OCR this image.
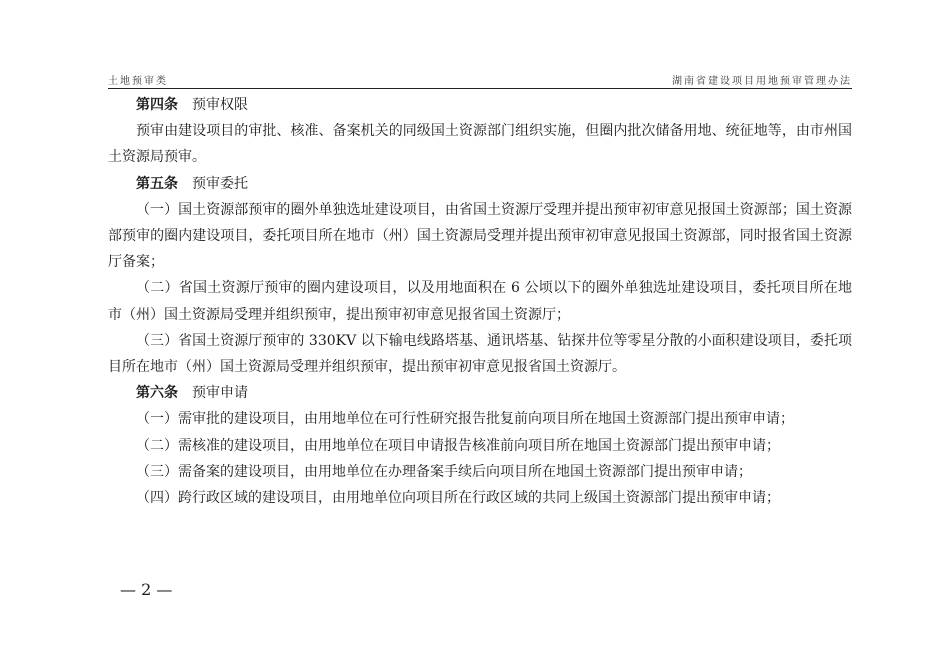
土地预审类	湖南省建设项目用地预审管理办法

第四条 预审权限

预审由建设项目的审批、核准、备案机关的同级国土资源部门组织实施，但圈内批次储备用地、统征地等，由市州国土资源局预审。

第五条 预审委托

（一）国土资源部预审的圈外单独选址建设项目，由省国土资源厅受理并提出预审初审意见报国土资源部；国土资源部预审的圈内建设项目，委托项目所在地市（州）国土资源局受理并提出预审初审意见报国土资源部，同时报省国土资源厅备案；

（二）省国土资源厅预审的圈内建设项目，以及用地面积在 6 公顷以下的圈外单独选址建设项目，委托项目所在地市（州）国土资源局受理并组织预审，提出预审初审意见报省国土资源厅；

（三）省国土资源厅预审的 330KV 以下输电线路塔基、通讯塔基、钻探井位等零星分散的小面积建设项目，委托项目所在地市（州）国土资源局受理并组织预审，提出预审初审意见报省国土资源厅。

第六条 预审申请

（一）需审批的建设项目，由用地单位在可行性研究报告批复前向项目所在地国土资源部门提出预审申请；

（二）需核准的建设项目，由用地单位在项目申请报告核准前向项目所在地国土资源部门提出预审申请；

（三）需备案的建设项目，由用地单位在办理备案手续后向项目所在地国土资源部门提出预审申请；

（四）跨行政区域的建设项目，由用地单位向项目所在行政区域的共同上级国土资源部门提出预审申请；

— 2 —
